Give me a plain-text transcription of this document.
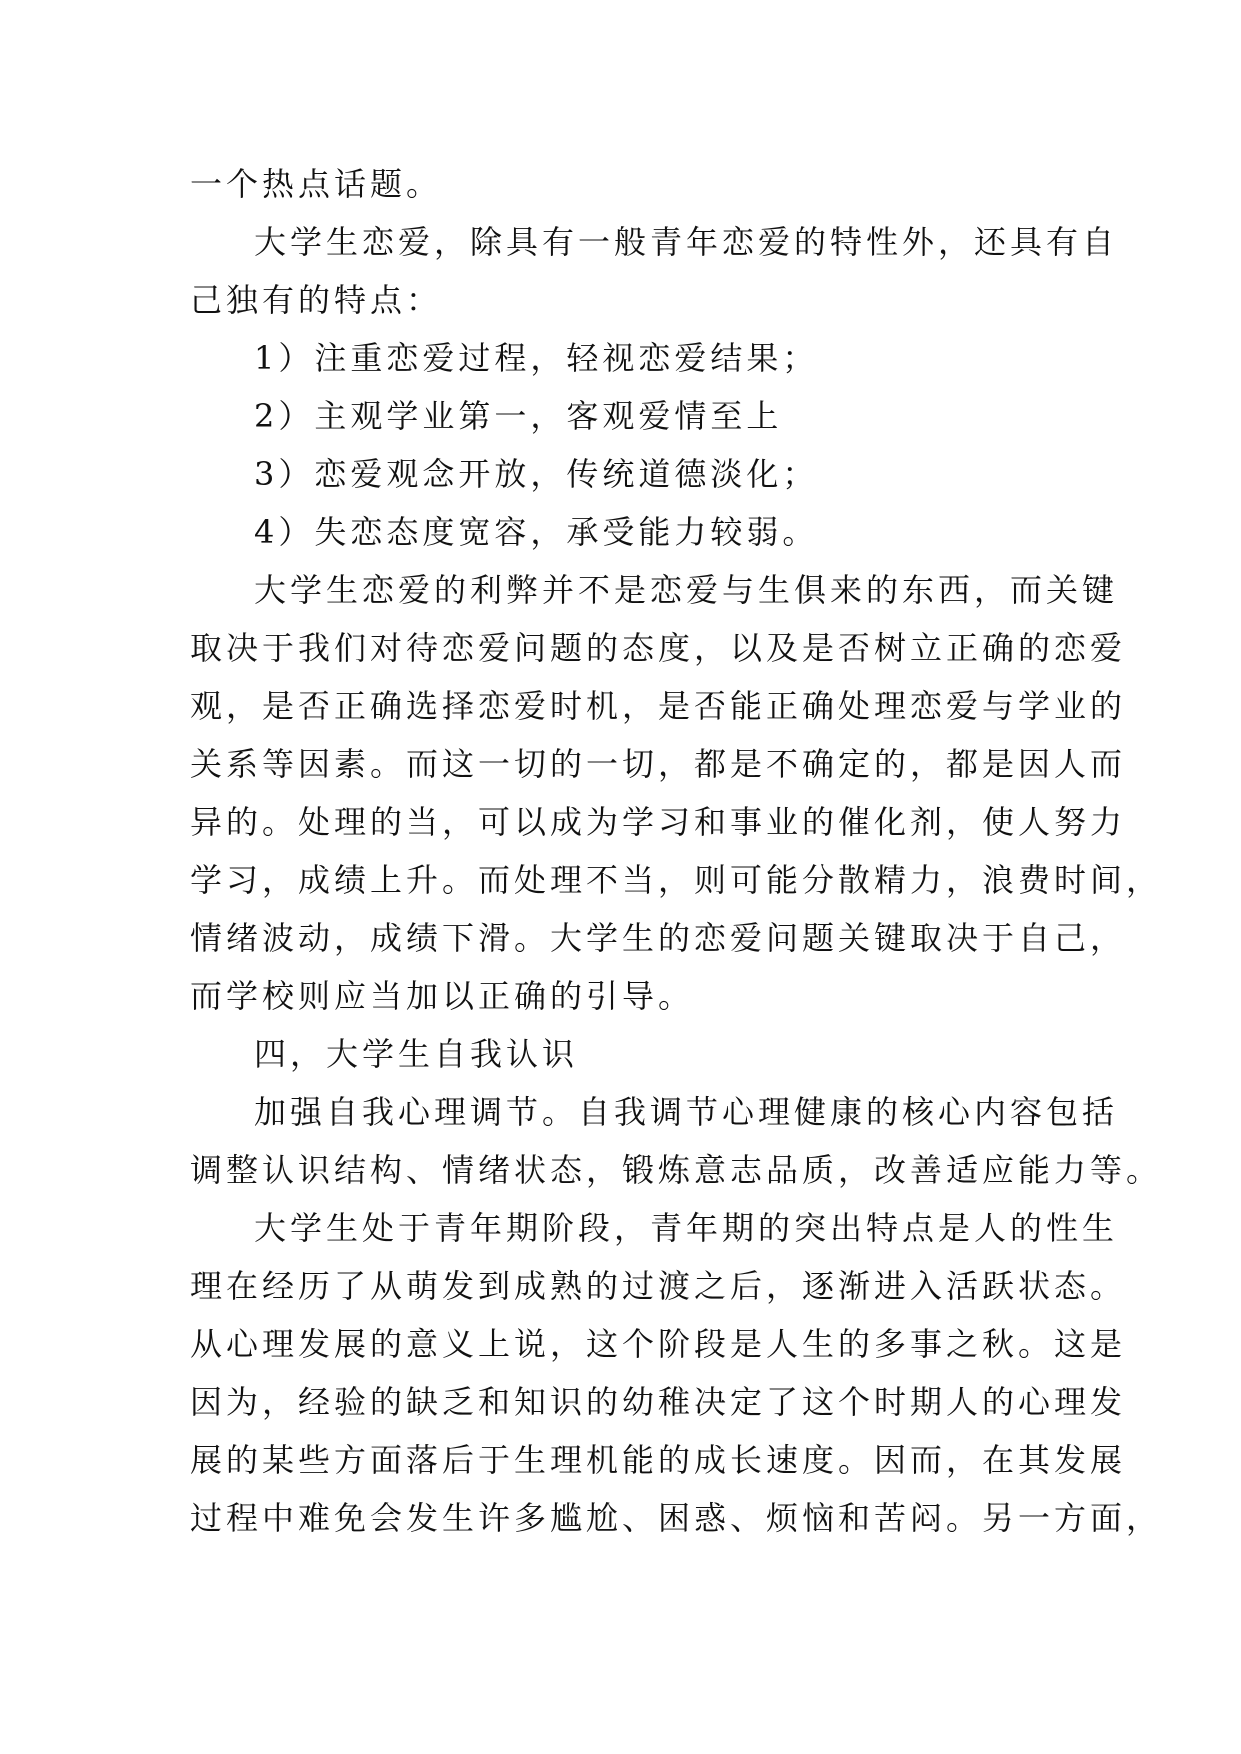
一个热点话题。
大学生恋爱，除具有一般青年恋爱的特性外，还具有自
己独有的特点：
1）注重恋爱过程，轻视恋爱结果；
2）主观学业第一，客观爱情至上
3）恋爱观念开放，传统道德淡化；
4）失恋态度宽容，承受能力较弱。
大学生恋爱的利弊并不是恋爱与生俱来的东西，而关键
取决于我们对待恋爱问题的态度，以及是否树立正确的恋爱
观，是否正确选择恋爱时机，是否能正确处理恋爱与学业的
关系等因素。而这一切的一切，都是不确定的，都是因人而
异的。处理的当，可以成为学习和事业的催化剂，使人努力
学习，成绩上升。而处理不当，则可能分散精力，浪费时间，
情绪波动，成绩下滑。大学生的恋爱问题关键取决于自己，
而学校则应当加以正确的引导。
四，大学生自我认识
加强自我心理调节。自我调节心理健康的核心内容包括
调整认识结构、情绪状态，锻炼意志品质，改善适应能力等。
大学生处于青年期阶段，青年期的突出特点是人的性生
理在经历了从萌发到成熟的过渡之后，逐渐进入活跃状态。
从心理发展的意义上说，这个阶段是人生的多事之秋。这是
因为，经验的缺乏和知识的幼稚决定了这个时期人的心理发
展的某些方面落后于生理机能的成长速度。因而，在其发展
过程中难免会发生许多尴尬、困惑、烦恼和苦闷。另一方面，
